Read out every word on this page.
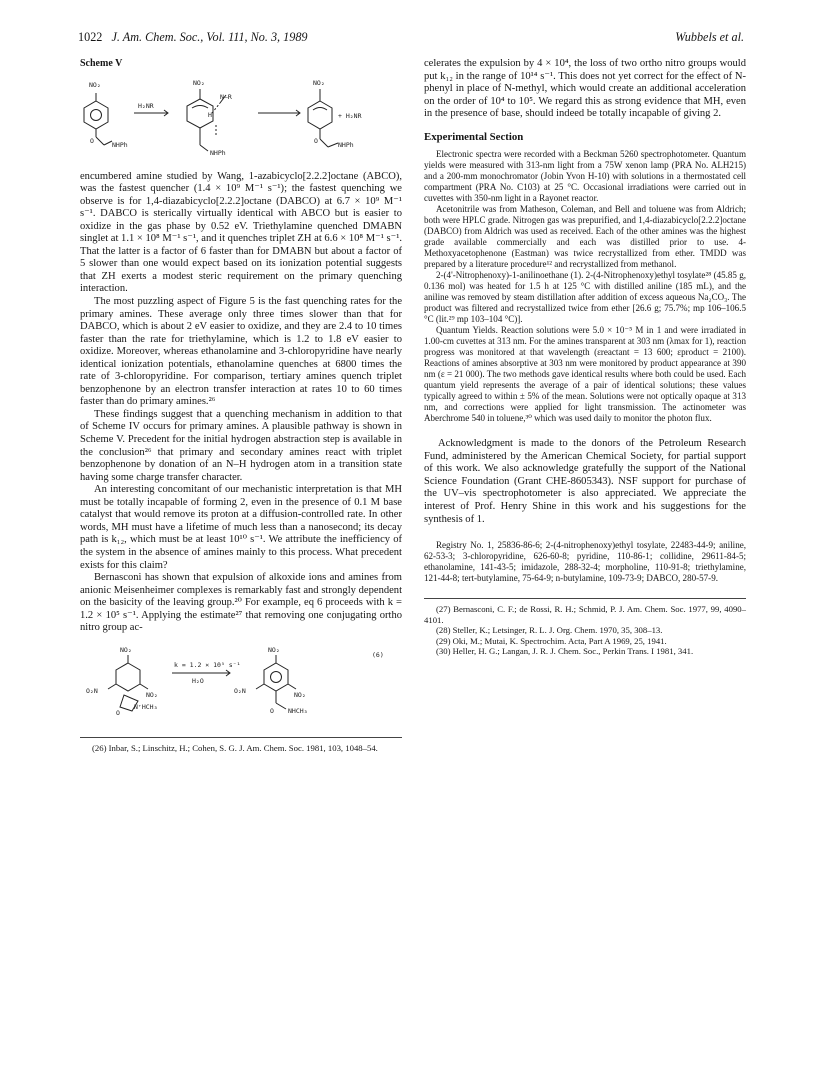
1022 J. Am. Chem. Soc., Vol. 111, No. 3, 1989	Wubbels et al.

Scheme V

NO₂
O	NHPh
H₂NR
NO₂
N—R
H
NHPh
NO₂
+ H₂NR
O	NHPh

encumbered amine studied by Wang, 1-azabicyclo[2.2.2]octane (ABCO), was the fastest quencher (1.4 × 10⁹ M⁻¹ s⁻¹); the fastest quenching we observe is for 1,4-diazabicyclo[2.2.2]octane (DABCO) at 6.7 × 10⁹ M⁻¹ s⁻¹. DABCO is sterically virtually identical with ABCO but is easier to oxidize in the gas phase by 0.52 eV. Triethylamine quenched DMABN singlet at 1.1 × 10⁸ M⁻¹ s⁻¹, and it quenches triplet ZH at 6.6 × 10⁸ M⁻¹ s⁻¹. That the latter is a factor of 6 faster than for DMABN but about a factor of 5 slower than one would expect based on its ionization potential suggests that ZH exerts a modest steric requirement on the primary quenching interaction.

The most puzzling aspect of Figure 5 is the fast quenching rates for the primary amines. These average only three times slower than that for DABCO, which is about 2 eV easier to oxidize, and they are 2.4 to 10 times faster than the rate for triethylamine, which is 1.2 to 1.8 eV easier to oxidize. Moreover, whereas ethanolamine and 3-chloropyridine have nearly identical ionization potentials, ethanolamine quenches at 6800 times the rate of 3-chloropyridine. For comparison, tertiary amines quench triplet benzophenone by an electron transfer interaction at rates 10 to 60 times faster than do primary amines.²⁶

These findings suggest that a quenching mechanism in addition to that of Scheme IV occurs for primary amines. A plausible pathway is shown in Scheme V. Precedent for the initial hydrogen abstraction step is available in the conclusion²⁶ that primary and secondary amines react with triplet benzophenone by donation of an N–H hydrogen atom in a transition state having some charge transfer character.

An interesting concomitant of our mechanistic interpretation is that MH must be totally incapable of forming 2, even in the presence of 0.1 M base catalyst that would remove its proton at a diffusion-controlled rate. In other words, MH must have a lifetime of much less than a nanosecond; its decay path is k₁₂, which must be at least 10¹⁰ s⁻¹. We attribute the inefficiency of the system in the absence of amines mainly to this process. What precedent exists for this claim?

Bernasconi has shown that expulsion of alkoxide ions and amines from anionic Meisenheimer complexes is remarkably fast and strongly dependent on the basicity of the leaving group.²⁰ For example, eq 6 proceeds with k = 1.2 × 10⁵ s⁻¹. Applying the estimate²⁷ that removing one conjugating ortho nitro group ac-

NO₂
O₂N	NO₂
N⁺HCH₃
O
k = 1.2 × 10⁵ s⁻¹
H₂O
NO₂
O₂N	NO₂
O NHCH₃
(6)

(26) Inbar, S.; Linschitz, H.; Cohen, S. G. J. Am. Chem. Soc. 1981, 103, 1048–54.

celerates the expulsion by 4 × 10⁴, the loss of two ortho nitro groups would put k₁₂ in the range of 10¹⁴ s⁻¹. This does not yet correct for the effect of N-phenyl in place of N-methyl, which would create an additional acceleration on the order of 10⁴ to 10⁵. We regard this as strong evidence that MH, even in the presence of base, should indeed be totally incapable of giving 2.

Experimental Section

Electronic spectra were recorded with a Beckman 5260 spectrophotometer. Quantum yields were measured with 313-nm light from a 75W xenon lamp (PRA No. ALH215) and a 200-mm monochromator (Jobin Yvon H-10) with solutions in a thermostated cell compartment (PRA No. C103) at 25 °C. Occasional irradiations were carried out in cuvettes with 350-nm light in a Rayonet reactor.

Acetonitrile was from Matheson, Coleman, and Bell and toluene was from Aldrich; both were HPLC grade. Nitrogen gas was prepurified, and 1,4-diazabicyclo[2.2.2]octane (DABCO) from Aldrich was used as received. Each of the other amines was the highest grade available commercially and each was distilled prior to use. 4-Methoxyacetophenone (Eastman) was twice recrystallized from ether. TMDD was prepared by a literature procedure¹² and recrystallized from methanol.

2-(4'-Nitrophenoxy)-1-anilinoethane (1). 2-(4-Nitrophenoxy)ethyl tosylate²⁸ (45.85 g, 0.136 mol) was heated for 1.5 h at 125 °C with distilled aniline (185 mL), and the aniline was removed by steam distillation after addition of excess aqueous Na₂CO₃. The product was filtered and recrystallized twice from ether [26.6 g; 75.7%; mp 106–106.5 °C (lit.²⁹ mp 103–104 °C)].

Quantum Yields. Reaction solutions were 5.0 × 10⁻⁵ M in 1 and were irradiated in 1.00-cm cuvettes at 313 nm. For the amines transparent at 303 nm (λmax for 1), reaction progress was monitored at that wavelength (εreactant = 13 600; εproduct = 2100). Reactions of amines absorptive at 303 nm were monitored by product appearance at 390 nm (ε = 21 000). The two methods gave identical results where both could be used. Each quantum yield represents the average of a pair of identical solutions; these values typically agreed to within ± 5% of the mean. Solutions were not optically opaque at 313 nm, and corrections were applied for light transmission. The actinometer was Aberchrome 540 in toluene,³⁰ which was used daily to monitor the photon flux.

Acknowledgment is made to the donors of the Petroleum Research Fund, administered by the American Chemical Society, for partial support of this work. We also acknowledge gratefully the support of the National Science Foundation (Grant CHE-8605343). NSF support for purchase of the UV–vis spectrophotometer is also appreciated. We appreciate the interest of Prof. Henry Shine in this work and his suggestions for the synthesis of 1.

Registry No. 1, 25836-86-6; 2-(4-nitrophenoxy)ethyl tosylate, 22483-44-9; aniline, 62-53-3; 3-chloropyridine, 626-60-8; pyridine, 110-86-1; collidine, 29611-84-5; ethanolamine, 141-43-5; imidazole, 288-32-4; morpholine, 110-91-8; triethylamine, 121-44-8; tert-butylamine, 75-64-9; n-butylamine, 109-73-9; DABCO, 280-57-9.

(27) Bernasconi, C. F.; de Rossi, R. H.; Schmid, P. J. Am. Chem. Soc. 1977, 99, 4090–4101.

(28) Steller, K.; Letsinger, R. L. J. Org. Chem. 1970, 35, 308–13.

(29) Oki, M.; Mutai, K. Spectrochim. Acta, Part A 1969, 25, 1941.

(30) Heller, H. G.; Langan, J. R. J. Chem. Soc., Perkin Trans. I 1981, 341.
